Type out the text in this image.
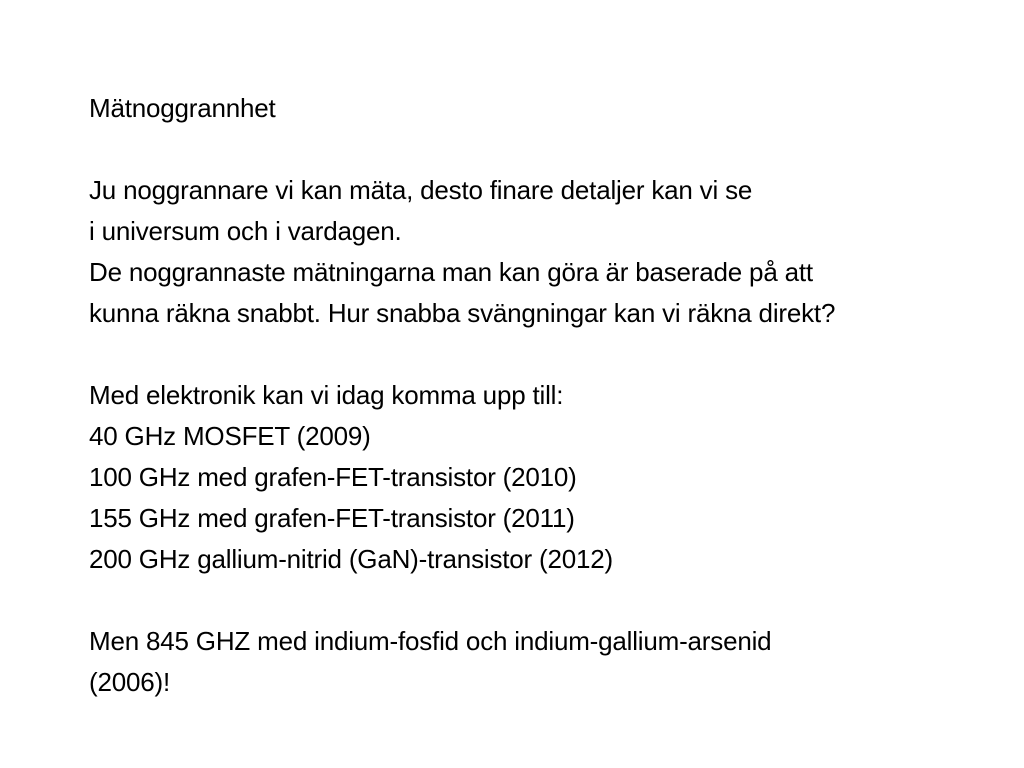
Mätnoggrannhet
Ju noggrannare vi kan mäta, desto finare detaljer kan vi se
i universum och i vardagen.
De noggrannaste mätningarna man kan göra är baserade på att
kunna räkna snabbt. Hur snabba svängningar kan vi räkna direkt?
Med elektronik kan vi idag komma upp till:
40 GHz MOSFET (2009)
100 GHz med grafen-FET-transistor (2010)
155 GHz med grafen-FET-transistor (2011)
200 GHz gallium-nitrid (GaN)-transistor (2012)
Men 845 GHZ med indium-fosfid och indium-gallium-arsenid
(2006)!
